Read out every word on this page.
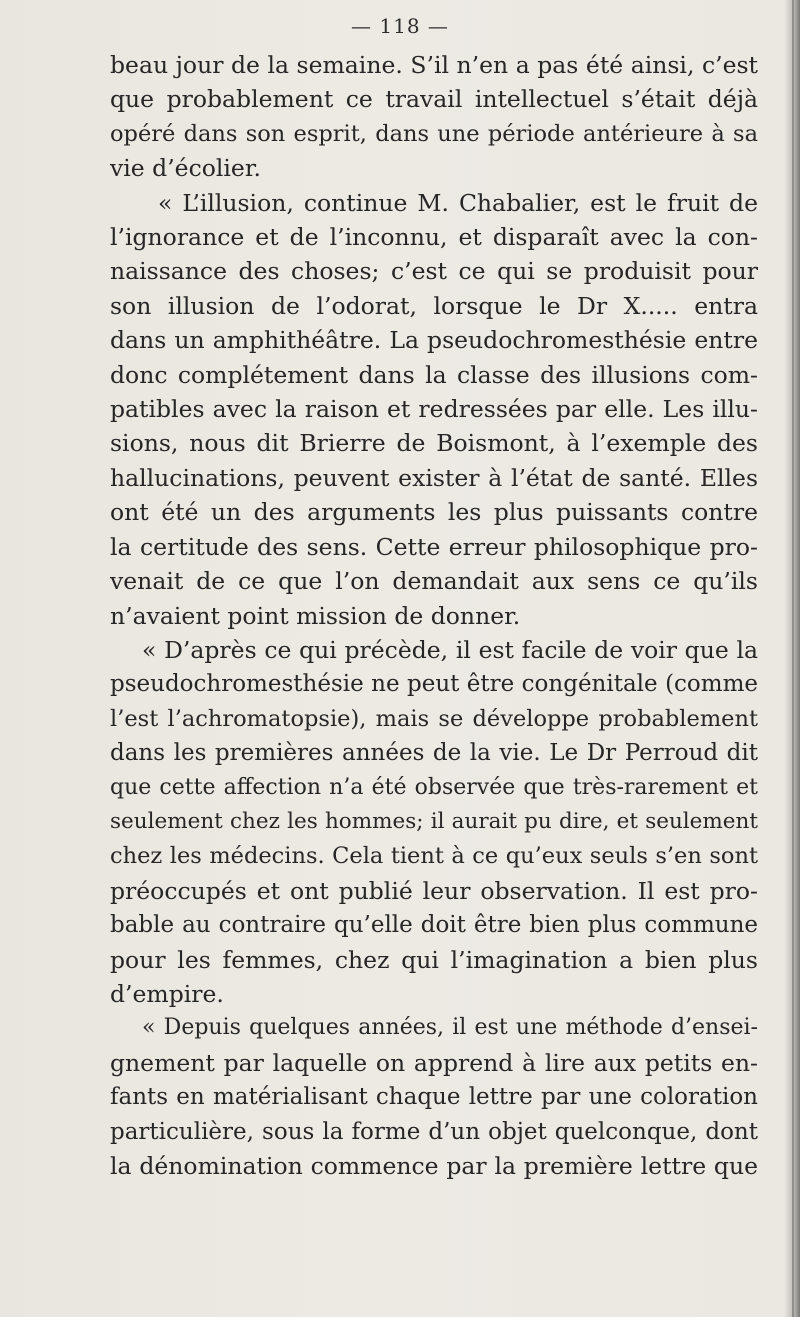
— 118 —
beau jour de la semaine. S’il n’en a pas été ainsi, c’est
que probablement ce travail intellectuel s’était déjà
opéré dans son esprit, dans une période antérieure à sa
vie d’écolier.
« L’illusion, continue M. Chabalier, est le fruit de
l’ignorance et de l’inconnu, et disparaît avec la con-
naissance des choses; c’est ce qui se produisit pour
son illusion de l’odorat, lorsque le Dr X..... entra
dans un amphithéâtre. La pseudochromesthésie entre
donc complétement dans la classe des illusions com-
patibles avec la raison et redressées par elle. Les illu-
sions, nous dit Brierre de Boismont, à l’exemple des
hallucinations, peuvent exister à l’état de santé. Elles
ont été un des arguments les plus puissants contre
la certitude des sens. Cette erreur philosophique pro-
venait de ce que l’on demandait aux sens ce qu’ils
n’avaient point mission de donner.
« D’après ce qui précède, il est facile de voir que la
pseudochromesthésie ne peut être congénitale (comme
l’est l’achromatopsie), mais se développe probablement
dans les premières années de la vie. Le Dr Perroud dit
que cette affection n’a été observée que très-rarement et
seulement chez les hommes; il aurait pu dire, et seulement
chez les médecins. Cela tient à ce qu’eux seuls s’en sont
préoccupés et ont publié leur observation. Il est pro-
bable au contraire qu’elle doit être bien plus commune
pour les femmes, chez qui l’imagination a bien plus
d’empire.
« Depuis quelques années, il est une méthode d’ensei-
gnement par laquelle on apprend à lire aux petits en-
fants en matérialisant chaque lettre par une coloration
particulière, sous la forme d’un objet quelconque, dont
la dénomination commence par la première lettre que
